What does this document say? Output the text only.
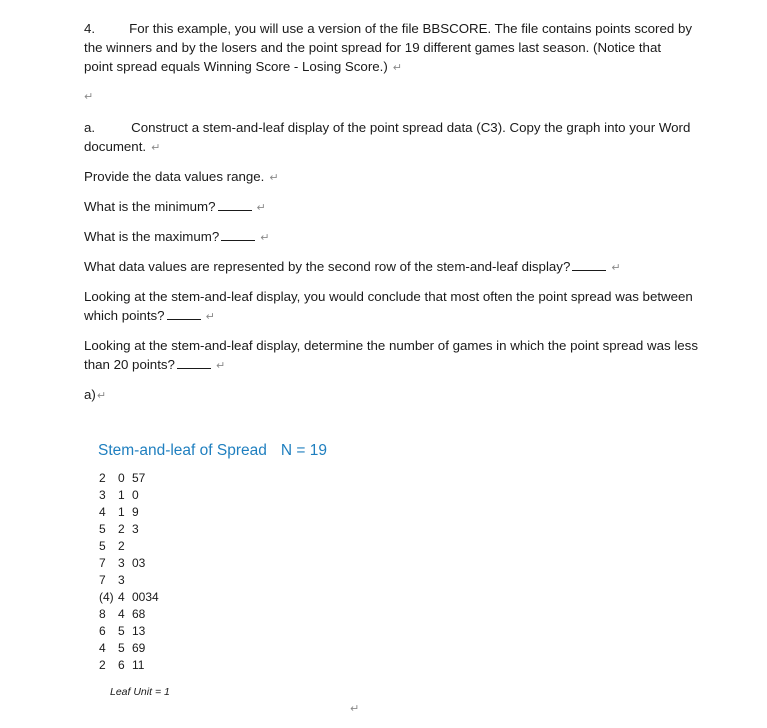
4.	For this example, you will use a version of the file BBSCORE. The file contains points scored by
the winners and by the losers and the point spread for 19 different games last season. (Notice that
point spread equals Winning Score - Losing Score.) ↵

↵

a.	Construct a stem-and-leaf display of the point spread data (C3). Copy the graph into your Word
document. ↵

Provide the data values range. ↵

What is the minimum?	↵

What is the maximum?	↵

What data values are represented by the second row of the stem-and-leaf display?	↵

Looking at the stem-and-leaf display, you would conclude that most often the point spread was between
which points?	↵

Looking at the stem-and-leaf display, determine the number of games in which the point spread was less
than 20 points?	↵

a)↵

Stem-and-leaf of Spread N = 19

2	0 57
3	1 0
4	1 9
5	2 3
5	2
7	3 03
7	3
(4) 4 0034
8	4 68
6	5 13
4	5 69
2	6 11

Leaf Unit = 1

↵
